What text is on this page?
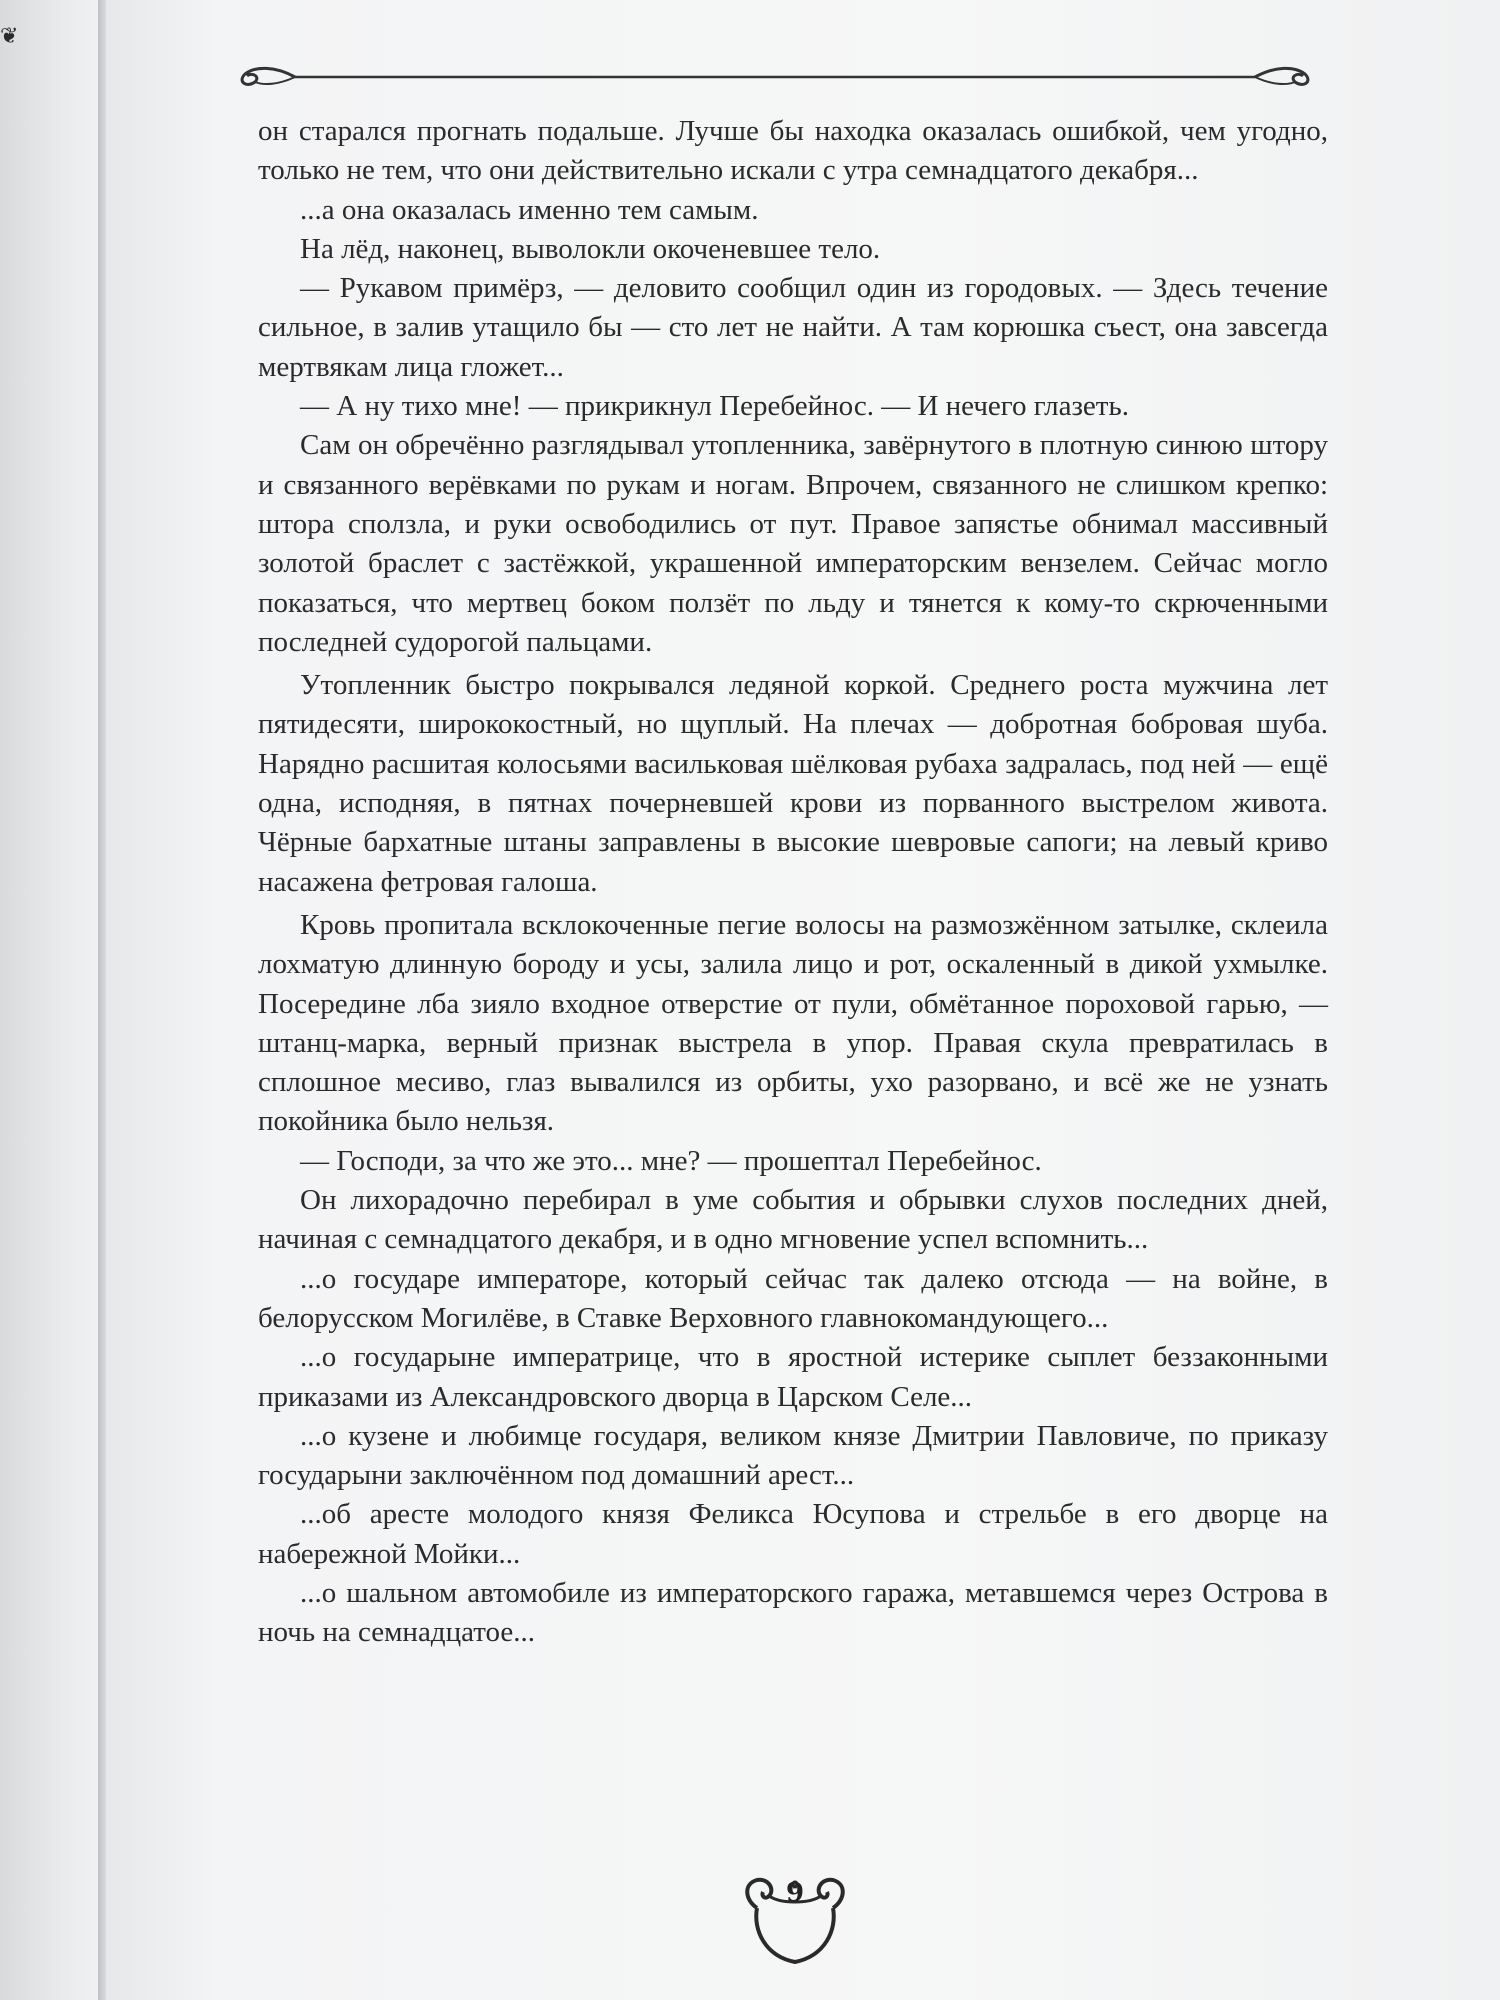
❦

он старался прогнать подальше. Лучше бы находка оказалась ошибкой, чем угодно, только не тем, что они действительно искали с утра семнадцатого декабря...

...а она оказалась именно тем самым.

На лёд, наконец, выволокли окоченевшее тело.

— Рукавом примёрз, — деловито сообщил один из городовых. — Здесь течение сильное, в залив утащило бы — сто лет не найти. А там корюшка съест, она завсегда мертвякам лица гложет...

— А ну тихо мне! — прикрикнул Перебейнос. — И нечего глазеть.

Сам он обречённо разглядывал утопленника, завёрнутого в плотную синюю штору и связанного верёвками по рукам и ногам. Впрочем, связанного не слишком крепко: штора сползла, и руки освободились от пут. Правое запястье обнимал массивный золотой браслет с застёжкой, украшенной императорским вензелем. Сейчас могло показаться, что мертвец боком ползёт по льду и тянется к кому-то скрюченными последней судорогой пальцами.

Утопленник быстро покрывался ледяной коркой. Среднего роста мужчина лет пятидесяти, ширококостный, но щуплый. На плечах — добротная бобровая шуба. Нарядно расшитая колосьями васильковая шёлковая рубаха задралась, под ней — ещё одна, исподняя, в пятнах почерневшей крови из порванного выстрелом живота. Чёрные бархатные штаны заправлены в высокие шевровые сапоги; на левый криво насажена фетровая галоша.

Кровь пропитала всклокоченные пегие волосы на размозжённом затылке, склеила лохматую длинную бороду и усы, залила лицо и рот, оскаленный в дикой ухмылке. Посередине лба зияло входное отверстие от пули, обмётанное пороховой гарью, — штанц-марка, верный признак выстрела в упор. Правая скула превратилась в сплошное месиво, глаз вывалился из орбиты, ухо разорвано, и всё же не узнать покойника было нельзя.

— Господи, за что же это... мне? — прошептал Перебейнос.

Он лихорадочно перебирал в уме события и обрывки слухов последних дней, начиная с семнадцатого декабря, и в одно мгновение успел вспомнить...

...о государе императоре, который сейчас так далеко отсюда — на войне, в белорусском Могилёве, в Ставке Верховного главнокомандующего...

...о государыне императрице, что в яростной истерике сыплет беззаконными приказами из Александровского дворца в Царском Селе...

...о кузене и любимце государя, великом князе Дмитрии Павловиче, по приказу государыни заключённом под домашний арест...

...об аресте молодого князя Феликса Юсупова и стрельбе в его дворце на набережной Мойки...

...о шальном автомобиле из императорского гаража, метавшемся через Острова в ночь на семнадцатое...

9
